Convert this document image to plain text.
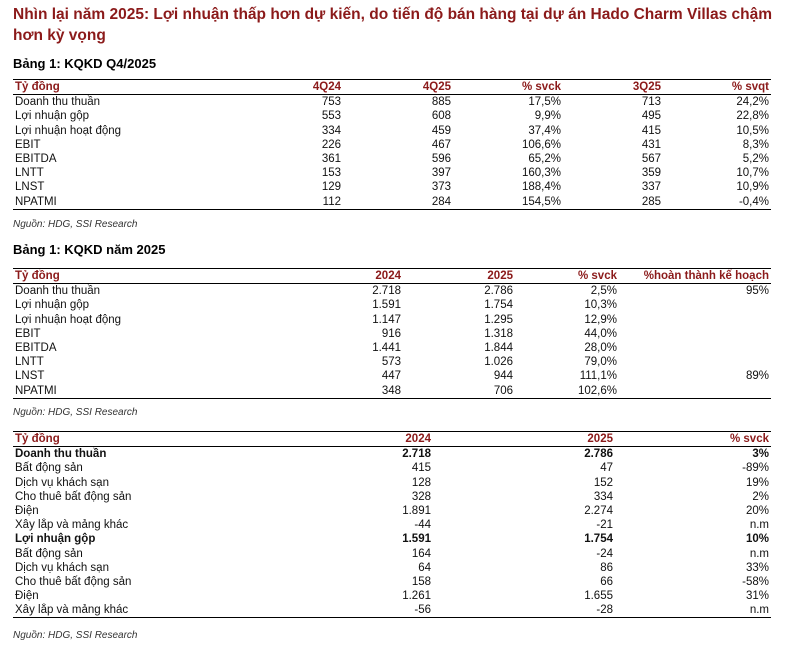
Nhìn lại năm 2025: Lợi nhuận thấp hơn dự kiến, do tiến độ bán hàng tại dự án Hado Charm Villas chậm hơn kỳ vọng
Bảng 1: KQKD Q4/2025
Tỷ đồng	4Q24	4Q25	% svck	3Q25	% svqt
Doanh thu thuần	753	885	17,5%	713	24,2%
Lợi nhuận gộp	553	608	9,9%	495	22,8%
Lợi nhuận hoạt động	334	459	37,4%	415	10,5%
EBIT	226	467	106,6%	431	8,3%
EBITDA	361	596	65,2%	567	5,2%
LNTT	153	397	160,3%	359	10,7%
LNST	129	373	188,4%	337	10,9%
NPATMI	112	284	154,5%	285	-0,4%
Nguồn: HDG, SSI Research
Bảng 1: KQKD năm 2025
Tỷ đồng	2024	2025	% svck	%hoàn thành kế hoạch
Doanh thu thuần	2.718	2.786	2,5%	95%
Lợi nhuận gộp	1.591	1.754	10,3%	
Lợi nhuận hoạt động	1.147	1.295	12,9%	
EBIT	916	1.318	44,0%	
EBITDA	1.441	1.844	28,0%	
LNTT	573	1.026	79,0%	
LNST	447	944	111,1%	89%
NPATMI	348	706	102,6%	
Nguồn: HDG, SSI Research
Tỷ đồng	2024	2025	% svck
Doanh thu thuần	2.718	2.786	3%
Bất động sản	415	47	-89%
Dịch vụ khách sạn	128	152	19%
Cho thuê bất động sản	328	334	2%
Điện	1.891	2.274	20%
Xây lắp và mảng khác	-44	-21	n.m
Lợi nhuận gộp	1.591	1.754	10%
Bất động sản	164	-24	n.m
Dịch vụ khách sạn	64	86	33%
Cho thuê bất động sản	158	66	-58%
Điện	1.261	1.655	31%
Xây lắp và mảng khác	-56	-28	n.m
Nguồn: HDG, SSI Research
